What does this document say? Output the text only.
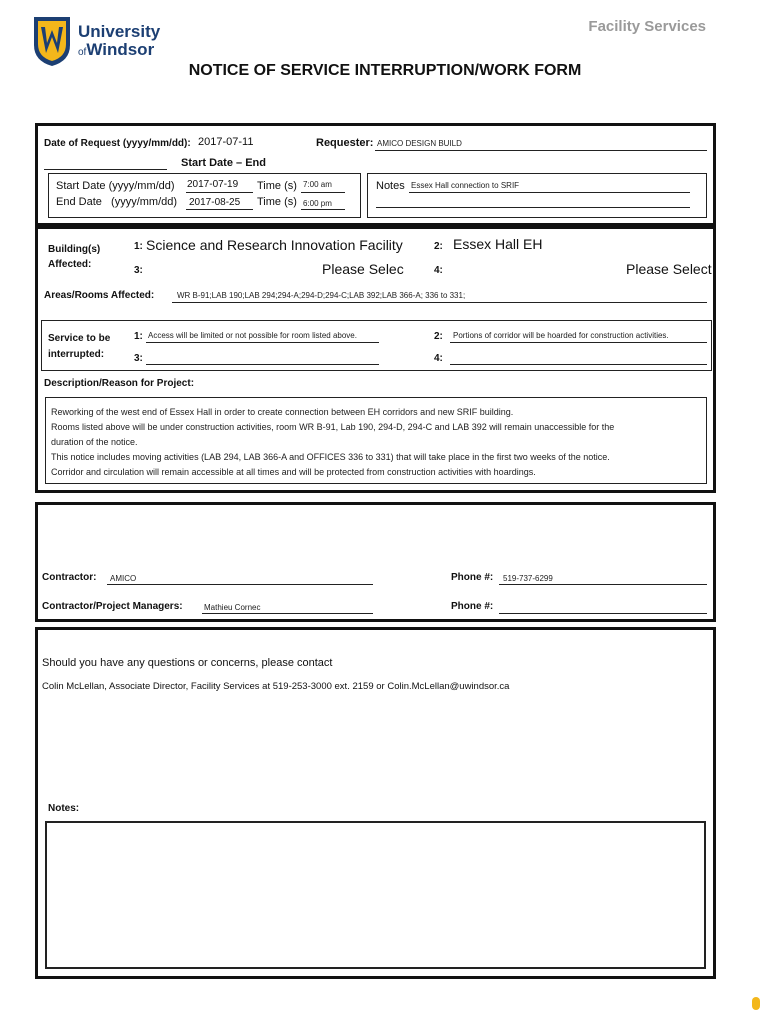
University
ofWindsor
Facility Services
NOTICE OF SERVICE INTERRUPTION/WORK FORM
Date of Request (yyyy/mm/dd): 2017-07-11	Requester: AMICO DESIGN BUILD
Start Date – End
Start Date (yyyy/mm/dd) 2017-07-19 Time (s) 7:00 am
End Date   (yyyy/mm/dd) 2017-08-25 Time (s) 6:00 pm
Notes Essex Hall connection to SRIF
Building(s)
Affected:
1: Science and Research Innovation Facility	2: Essex Hall EH
3:	Please Selec	4:	Please Select
Areas/Rooms Affected:	WR B-91;LAB 190;LAB 294;294-A;294-D;294-C;LAB 392;LAB 366-A; 336 to 331;
Service to be
interrupted:
1: Access will be limited or not possible for room listed above.	2: Portions of corridor will be hoarded for construction activities.
3:	4:
Description/Reason for Project:
Reworking of the west end of Essex Hall in order to create connection between EH corridors and new SRIF building.
Rooms listed above will be under construction activities, room WR B-91, Lab 190, 294-D, 294-C and LAB 392 will remain unaccessible for the
duration of the notice.
This notice includes moving activities (LAB 294, LAB 366-A and OFFICES 336 to 331) that will take place in the first two weeks of the notice.
Corridor and circulation will remain accessible at all times and will be protected from construction activities with hoardings.
Contractor: AMICO	Phone #: 519-737-6299
Contractor/Project Managers:	Mathieu Cornec	Phone #:
Should you have any questions or concerns, please contact
Colin McLellan, Associate Director, Facility Services at 519-253-3000 ext. 2159 or Colin.McLellan@uwindsor.ca
Notes:
